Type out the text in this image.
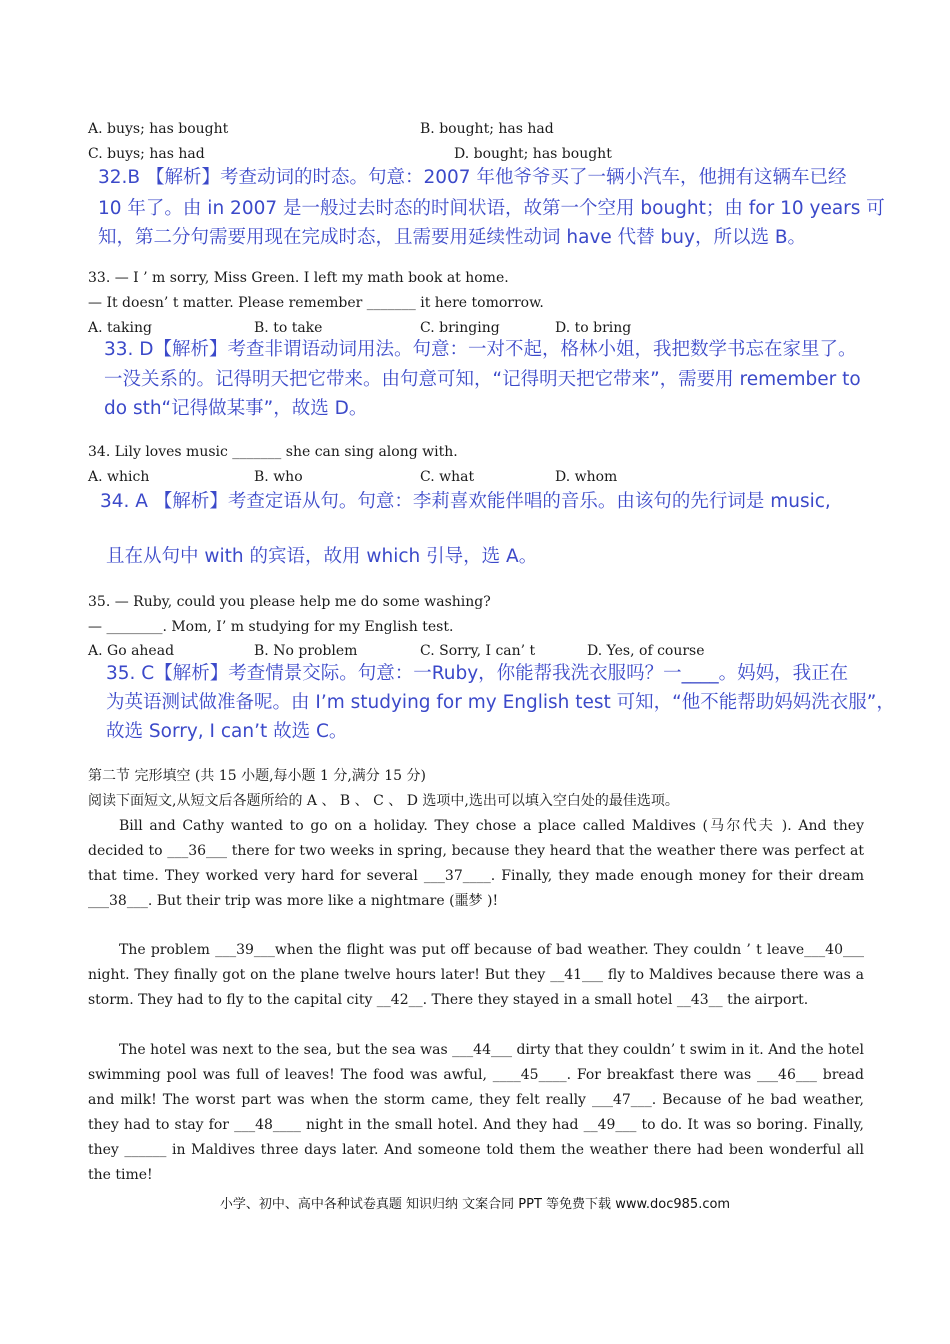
A. buys; has bought	B. bought; has had
C. buys; has had	D. bought; has bought
32.B 【解析】考查动词的时态。句意：2007 年他爷爷买了一辆小汽车，他拥有这辆车已经
10 年了。由 in 2007 是一般过去时态的时间状语，故第一个空用 bought；由 for 10 years 可
知，第二分句需要用现在完成时态，且需要用延续性动词 have 代替 buy，所以选 B。
33. — I ’ m sorry, Miss Green. I left my math book at home.
— It doesn’ t matter. Please remember _______ it here tomorrow.
A. taking	B. to take	C. bringing	D. to bring
33. D【解析】考查非谓语动词用法。句意：一对不起，格林小姐，我把数学书忘在家里了。
一没关系的。记得明天把它带来。由句意可知，“记得明天把它带来”，需要用 remember to
do sth“记得做某事”，故选 D。
34. Lily loves music _______ she can sing along with.
A. which	B. who	C. what	D. whom
34. A 【解析】考查定语从句。句意：李莉喜欢能伴唱的音乐。由该句的先行词是 music,
且在从句中 with 的宾语，故用 which 引导，选 A。
35. — Ruby, could you please help me do some washing?
— ________. Mom, I’ m studying for my English test.
A. Go ahead	B. No problem	C. Sorry, I can’ t	D. Yes, of course
35. C【解析】考查情景交际。句意：一Ruby，你能帮我洗衣服吗？一____。妈妈，我正在
为英语测试做准备呢。由 I’m studying for my English test 可知，“他不能帮助妈妈洗衣服”，
故选 Sorry, I can’t 故选 C。
第二节 完形填空 (共 15 小题,每小题 1 分,满分 15 分)
阅读下面短文,从短文后各题所给的 A 、 B 、 C 、 D 选项中,选出可以填入空白处的最佳选项。
Bill and Cathy wanted to go on a holiday. They chose a place called Maldives (马尔代夫 ). And they decided to ___36___ there for two weeks in spring, because they heard that the weather there was perfect at that time. They worked very hard for several ___37____. Finally, they made enough money for their dream ___38___. But their trip was more like a nightmare (噩梦 )!
The problem ___39___when the flight was put off because of bad weather. They couldn ’ t leave___40___ night. They finally got on the plane twelve hours later! But they __41___ fly to Maldives because there was a storm. They had to fly to the capital city __42__. There they stayed in a small hotel __43__ the airport.
The hotel was next to the sea, but the sea was ___44___ dirty that they couldn’ t swim in it. And the hotel swimming pool was full of leaves! The food was awful, ____45____. For breakfast there was ___46___ bread and milk! The worst part was when the storm came, they felt really ___47___. Because of he bad weather, they had to stay for ___48____ night in the small hotel. And they had __49___ to do. It was so boring. Finally, they ______ in Maldives three days later. And someone told them the weather there had been wonderful all the time!
小学、初中、高中各种试卷真题 知识归纳 文案合同 PPT 等免费下载 www.doc985.com
